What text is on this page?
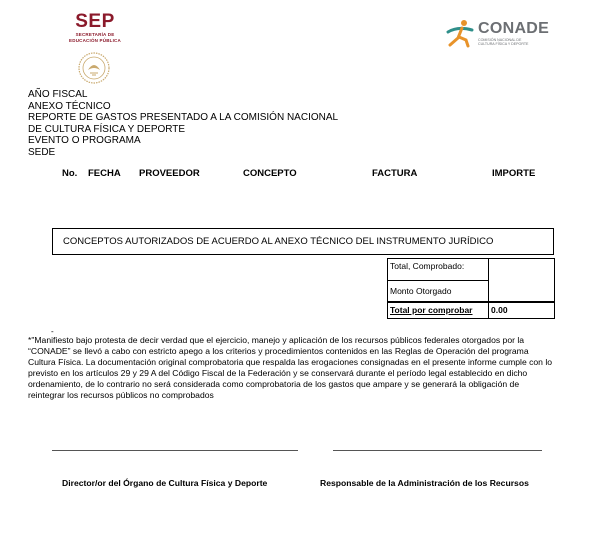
SEP
SECRETARÍA DE
EDUCACIÓN PÚBLICA
CONADE
COMISIÓN NACIONAL DE
CULTURA FÍSICA Y DEPORTE
AÑO FISCAL
ANEXO TÉCNICO
REPORTE DE GASTOS PRESENTADO A LA COMISIÓN NACIONAL
DE CULTURA FÍSICA Y DEPORTE
EVENTO O PROGRAMA
SEDE
No. FECHA PROVEEDOR	CONCEPTO	FACTURA	IMPORTE
CONCEPTOS AUTORIZADOS DE ACUERDO AL ANEXO TÉCNICO DEL INSTRUMENTO JURÍDICO
Total, Comprobado:	
Monto Otorgado	
Total por comprobar	0.00
-
*"Manifiesto bajo protesta de decir verdad que el ejercicio, manejo y aplicación de los recursos públicos federales otorgados por la “CONADE” se llevó a cabo con estricto apego a los criterios y procedimientos contenidos en las Reglas de Operación del programa Cultura Física. La documentación original comprobatoria que respalda las erogaciones consignadas en el presente informe cumple con lo previsto en los artículos 29 y 29 A del Código Fiscal de la Federación y se conservará durante el período legal establecido en dicho ordenamiento, de lo contrario no será considerada como comprobatoria de los gastos que ampare y se generará la obligación de reintegrar los recursos públicos no comprobados
Director/or del Órgano de Cultura Física y Deporte	Responsable de la Administración de los Recursos
